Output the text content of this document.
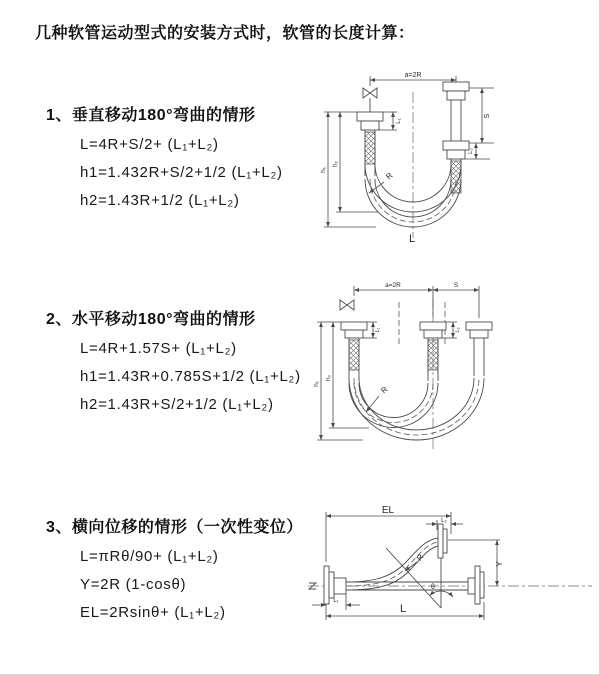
几种软管运动型式的安装方式时，软管的长度计算：
1、垂直移动180°弯曲的情形
L=4R+S/2+ (L₁+L₂)
h1=1.432R+S/2+1/2 (L₁+L₂)
h2=1.43R+1/2 (L₁+L₂)
2、水平移动180°弯曲的情形
L=4R+1.57S+ (L₁+L₂)
h1=1.43R+0.785S+1/2 (L₁+L₂)
h2=1.43R+S/2+1/2 (L₁+L₂)
3、横向位移的情形（一次性变位）
L=πRθ/90+ (L₁+L₂)
Y=2R (1-cosθ)
EL=2Rsinθ+ (L₁+L₂)
a=2R
L₁
S
L₂
h₁
h₂
R
L
a=2R	S
L₁	L₂
h₁
h₂
R
EL
L₂
Y
R
θ
L
L₁
